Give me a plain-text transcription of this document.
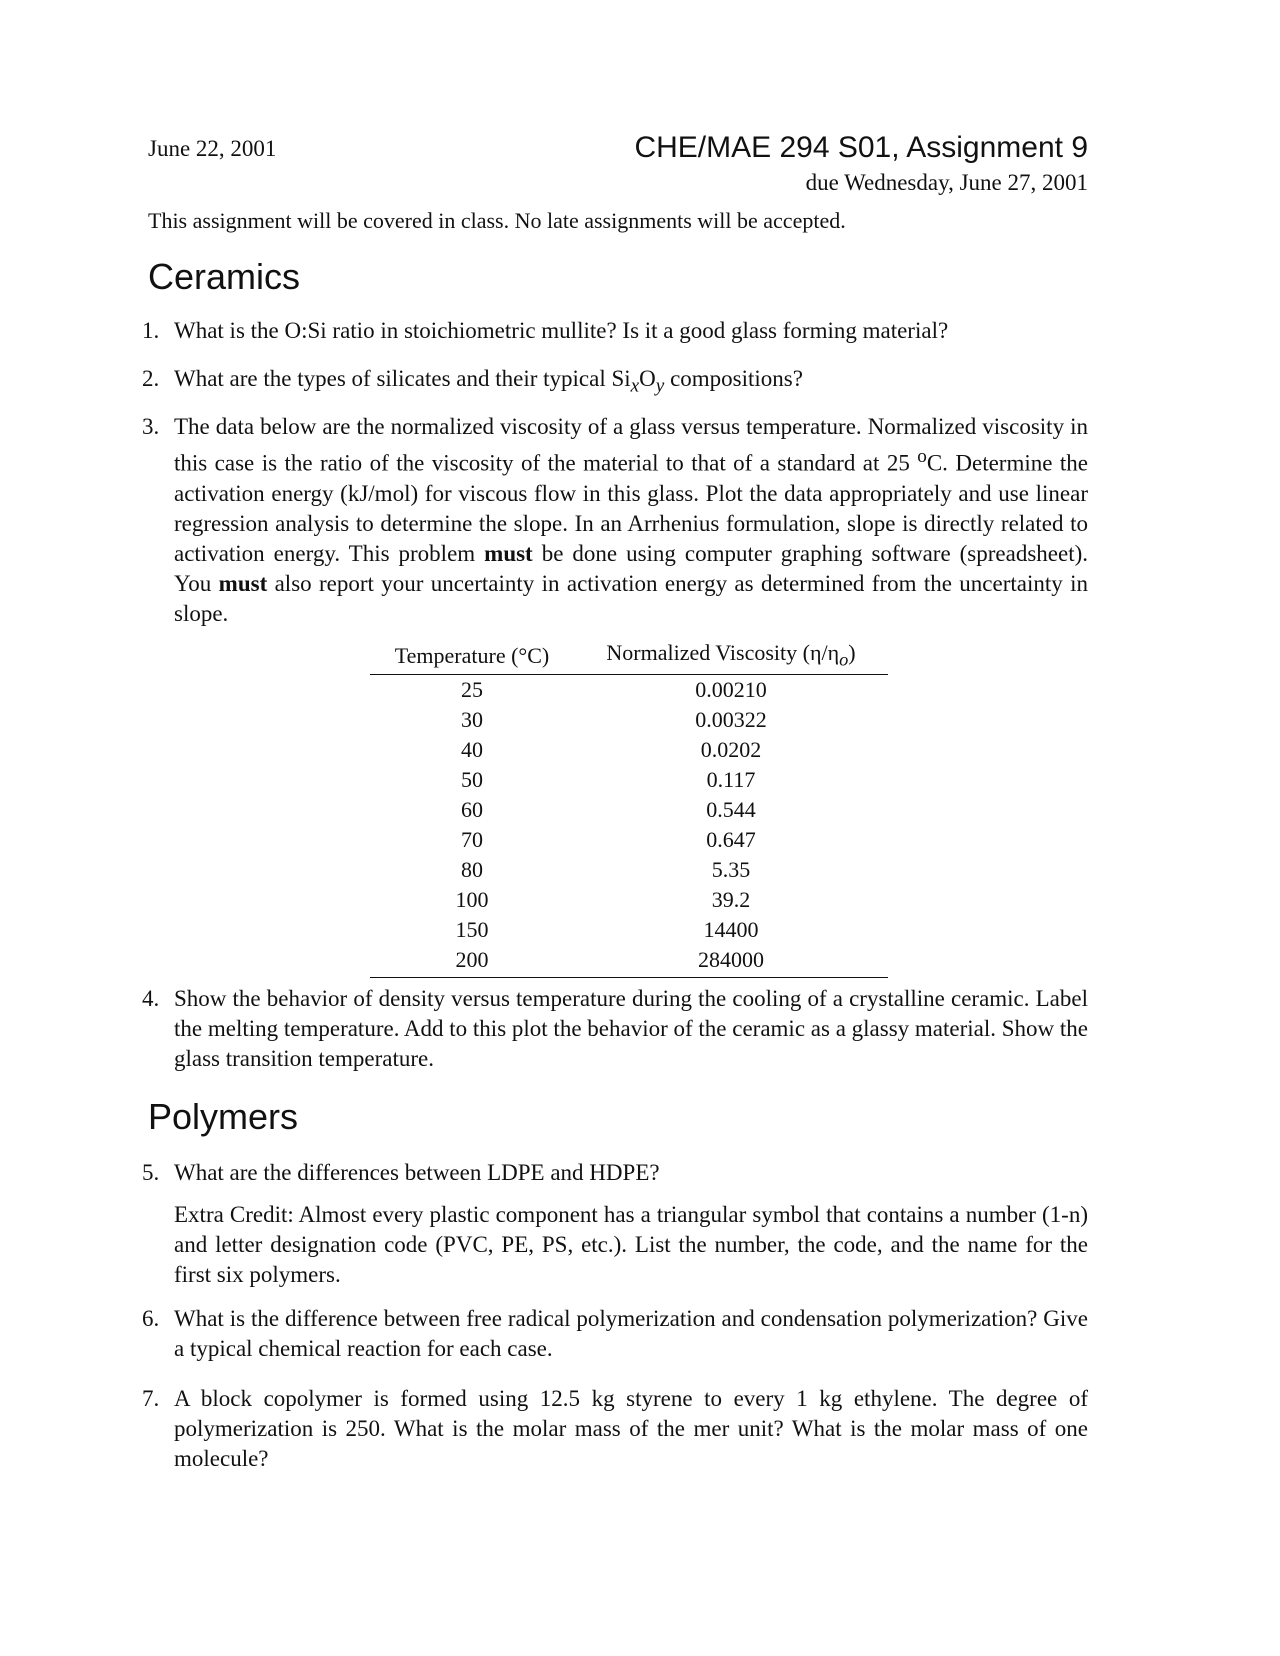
June 22, 2001	CHE/MAE 294 S01, Assignment 9
due Wednesday, June 27, 2001
This assignment will be covered in class. No late assignments will be accepted.
Ceramics
1. What is the O:Si ratio in stoichiometric mullite? Is it a good glass forming material?

2. What are the types of silicates and their typical $Si_xO_y$ compositions?

3. The data below are the normalized viscosity of a glass versus temperature. Normalized viscosity in this case is the ratio of the viscosity of the material to that of a standard at 25 $^o$C. Determine the activation energy (kJ/mol) for viscous flow in this glass. Plot the data appropriately and use linear regression analysis to determine the slope. In an Arrhenius formulation, slope is directly related to activation energy. This problem must be done using computer graphing software (spreadsheet). You must also report your uncertainty in activation energy as determined from the uncertainty in slope.

Temperature (°C)	Normalized Viscosity $(\eta/\eta_o)$
25	0.00210
30	0.00322
40	0.0202
50	0.117
60	0.544
70	0.647
80	5.35
100	39.2
150	14400
200	284000
4. Show the behavior of density versus temperature during the cooling of a crystalline ceramic. Label the melting temperature. Add to this plot the behavior of the ceramic as a glassy material. Show the glass transition temperature.

Polymers
5. What are the differences between LDPE and HDPE?

Extra Credit: Almost every plastic component has a triangular symbol that contains a number (1-n) and letter designation code (PVC, PE, PS, etc.). List the number, the code, and the name for the first six polymers.

6. What is the difference between free radical polymerization and condensation polymerization? Give a typical chemical reaction for each case.

7. A block copolymer is formed using 12.5 kg styrene to every 1 kg ethylene. The degree of polymerization is 250. What is the molar mass of the mer unit? What is the molar mass of one molecule?
